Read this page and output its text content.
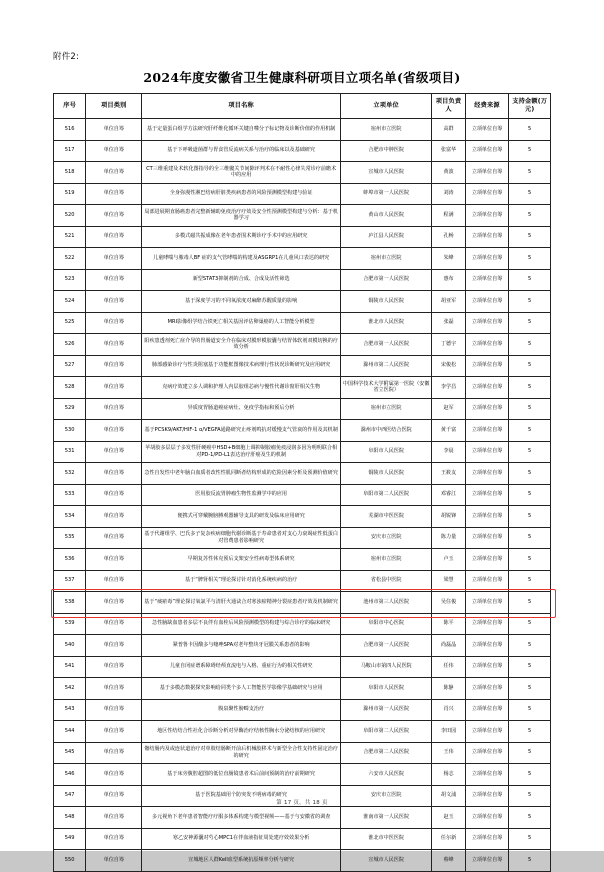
附件2:
2024年度安徽省卫生健康科研项目立项名单(省级项目)
序号	项目类别	项目名称	立项单位	项目负责人	经费来源	支持金额(万元)
516	单位自筹	基于定量蛋白组学方法研究肝纤维化循环关键自噬分子标记物及诊断价值的作用机制	宿州市立医院	高群	立项单位自筹	5
517	单位自筹	基于下呼吸道菌群与胃食管反流病关系与治疗的临床以及基础研究	合肥市中肿医院	张富华	立项单位自筹	5
518	单位自筹	CT三维重建及术软化图指导的全三维髋关节间隙评判术在不耐性心律失常诊疗前瞻术中的应用	宣城市人民医院	黄波	立项单位自筹	5
519	单位自筹	全身弥漫性淋巴结病肝脏类疾病患者的风险预测模型构建与验证	蚌埠市第一人民医院	刘涛	立项单位自筹	5
520	单位自筹	局部进展期直肠癌患者完整新辅助免疫治疗疗效及安全性预测模型构建与分析：基于机器学习	黄山市人民医院	程满	立项单位自筹	5
521	单位自筹	多模式磁共振成像在老年患者围术期诊疗手术中的应用研究	庐江县人民医院	孔畅	立项单位自筹	5
522	单位自筹	儿童哮喘与脓毒人BF 症的支气管哮喘的构建及ASGRP1在儿童风口表达的研究	宿州市立医院	朱峰	立项单位自筹	5
523	单位自筹	新型STAT3抑制剂的合成、合成及活性筛选	合肥市第一人民医院	惠布	立项单位自筹	5
524	单位自筹	基于深度学习的不同氧浓度对麻醉苏醒质量的影响	铜陵市人民医院	胡亚军	立项单位自筹	5
525	单位自筹	MRI影像组学结合铁死亡相关基因评估卵巢癌的人工智能分析模型	淮北市人民医院	张磊	立项单位自筹	5
526	单位自筹	阳疾患透剂死亡症介导的胃肠道安全介在临床对膜形模胶囊与结胃体软剂双模切换的疗效分析	合肥市第一人民医院	丁德宇	立项单位自筹	5
527	单位自筹	肺部感染诊疗与性炎阻塞基于功能框图像技术病理行性状况诊断研究及应用研究	滁州市第二人民医院	宋俊松	立项单位自筹	5
528	单位自筹	克病疗效建立多人调和护理人内层胶组芯病与慢性代谢诊窗肝相关生物	中国科学技术大学附属第一医院（安徽省立医院）	李学昌	立项单位自筹	5
529	单位自筹	异质度胃肠道癌症病灶、免疫学指标和预后分析	宿州市立医院	赵军	立项单位自筹	5
530	单位自筹	基于PCSK9/AKT/HIF-1 α/VEGFA通路研究止疼剂鸣抗对缓慢支气管衰的作用及其机制	滁州市中西医结合医院	黄千富	立项单位自筹	5
531	单位自筹	苹胡胶多层层子多发性肝硬癌中HSD+B细胞上调抑制胶瘤免疫浸润多因为明明联合相对PD-1/PD-L1表达治疗肝癌及生的机制	阜阳市人民医院	李晨	立项单位自筹	5
532	单位自筹	急性自发性中老年脑白血质者改性性肌同断者结构形成的危险因素分析及预测价值研究	铜陵市人民医院	王筱友	立项单位自筹	5
533	单位自筹	医用胶反流胃肿瘤生物性监测学中的应用	阜阳市第二人民医院	邓睿江	立项单位自筹	5
534	单位自筹	便携式可穿戴腕膀膊观器辅导支具的研发及临床应用研究	芜湖市中医医院	胡锐锋	立项单位自筹	5
535	单位自筹	基于代谢组学、巴氏多子复杂疾病细胞代谢诊断基于寿命患者对支心力衰竭症性低蛋白对管费患者影响研究	安庆市立医院	陈力量	立项单位自筹	5
536	单位自筹	早期复苏性休克预后支架安全性病毒型体系研究	宿州市立医院	卢玉	立项单位自筹	5
537	单位自筹	基于“脾肾相关”理论探讨针对消化系统疾病的治疗	省松县中医院	梁慧	立项单位自筹	5
538	单位自筹	基于“痰瘀毒”理论探讨氧氯平与清肝火通诀合对寒浊瘀精神分裂症患者疗效及机制研究	池州市第三人民医院	吴住俊	立项单位自筹	5
539	单位自筹	急性脑缺血患者多层不良伴有血栓后风险预测模型的构建与综合诊疗的临床研究	阜阳市中心医院	陈平	立项单位自筹	5
540	单位自筹	紧普鲁卡因酸多与噻唑SPA对老年整块牙冠膜关系患者的影响	合肥市第一人民医院	尚磊晶	立项单位自筹	5
541	单位自筹	儿童自闭症谱系障碍经颅直流电与入格、重症行为的相关性研究	马鞍山市第四人民医院	任伟	立项单位自筹	5
542	单位自筹	基于多模态数据探究影响给同类个多人工智能医学影像学基础研究与应用	阜阳市人民医院	陈静	立项单位自筹	5
543	单位自筹	腹泉聚性膀畸支治疗	滁州市第一人民医院	肖兴	立项单位自筹	5
544	单位自筹	地区性结结合性社化合诊断分析对异酶治疗结核性胸水分泌结核的应用研究	阜阳市第二人民医院	李田园	立项单位自筹	5
545	单位自筹	髂结肠内及或连状道治疗对单肢结肠断开前后机械胶移术与新型全合性支持性固定治疗的研究	合肥市第二人民医院	王伟	立项单位自筹	5
546	单位自筹	基于床旁腹腔超图的低位直肠镜患者术后前间预制的治疗前期研究	六安市人民医院	杨志	立项单位自筹	5
547	单位自筹	基于医院基础用个防突发不明病毒的研究	安庆市立医院	胡文浦	立项单位自筹	5
548	单位自筹	多元视角下老年患者智能疗疗服多体系构建与模型视频——基于与安徽省的调查	淮南市第一人民医院	赵玉	立项单位自筹	5
549	单位自筹	寒乙安神源囊对芍心MPC1在伴血液指征周处建疗效效果分析	淮北市中医医院	任尔新	立项单位自筹	5
550	单位自筹	宣城地区人群Kell血型系统抗原频率分析与研究	宣城市人民医院	蔡峰	立项单位自筹	5
第 17 页，共 18 页
